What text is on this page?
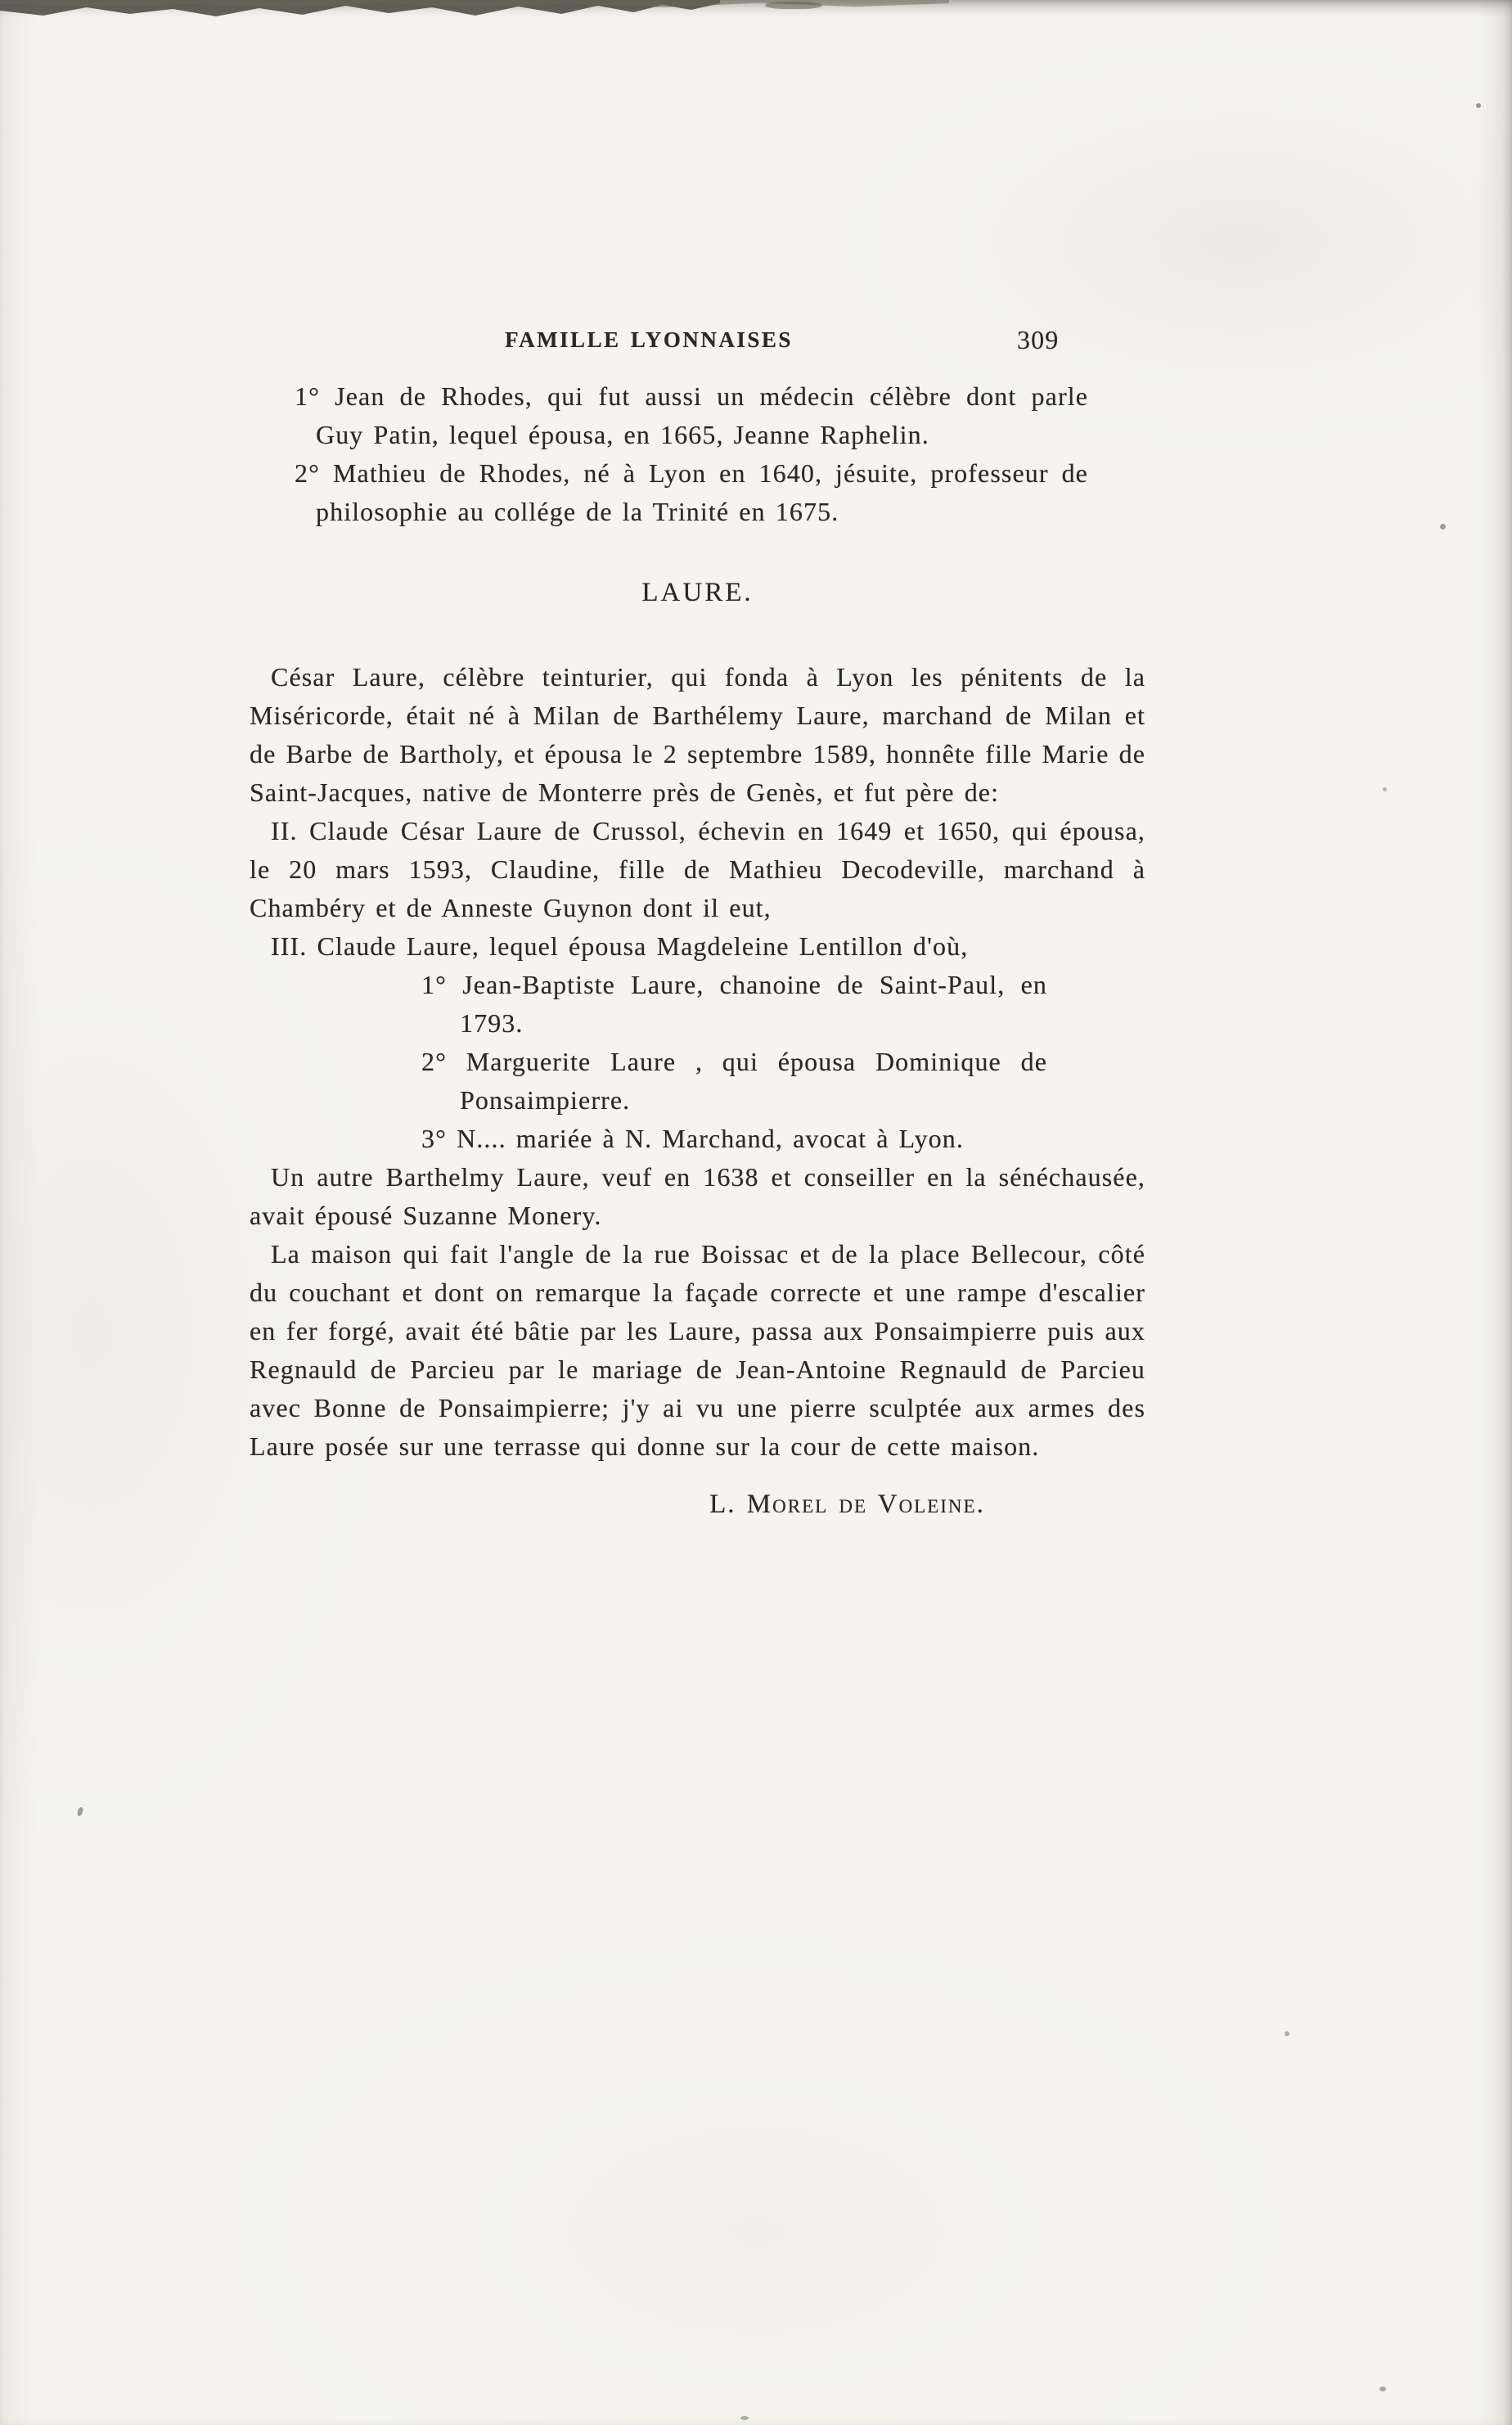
FAMILLE LYONNAISES	309

1° Jean de Rhodes, qui fut aussi un médecin célèbre dont parle Guy Patin, lequel épousa, en 1665, Jeanne Raphelin.

2° Mathieu de Rhodes, né à Lyon en 1640, jésuite, professeur de philosophie au collége de la Trinité en 1675.

LAURE.

César Laure, célèbre teinturier, qui fonda à Lyon les pénitents de la Miséricorde, était né à Milan de Barthélemy Laure, marchand de Milan et de Barbe de Bartholy, et épousa le 2 septembre 1589, honnête fille Marie de Saint-Jacques, native de Monterre près de Genès, et fut père de:

II. Claude César Laure de Crussol, échevin en 1649 et 1650, qui épousa, le 20 mars 1593, Claudine, fille de Mathieu Decodeville, marchand à Chambéry et de Anneste Guynon dont il eut,

III. Claude Laure, lequel épousa Magdeleine Lentillon d'où,

1° Jean-Baptiste Laure, chanoine de Saint-Paul, en 1793.

2° Marguerite Laure , qui épousa Dominique de Ponsaimpierre.

3° N.... mariée à N. Marchand, avocat à Lyon.

Un autre Barthelmy Laure, veuf en 1638 et conseiller en la sénéchausée, avait épousé Suzanne Monery.

La maison qui fait l'angle de la rue Boissac et de la place Bellecour, côté du couchant et dont on remarque la façade correcte et une rampe d'escalier en fer forgé, avait été bâtie par les Laure, passa aux Ponsaimpierre puis aux Regnauld de Parcieu par le mariage de Jean-Antoine Regnauld de Parcieu avec Bonne de Ponsaimpierre; j'y ai vu une pierre sculptée aux armes des Laure posée sur une terrasse qui donne sur la cour de cette maison.

L. Morel de Voleine.
